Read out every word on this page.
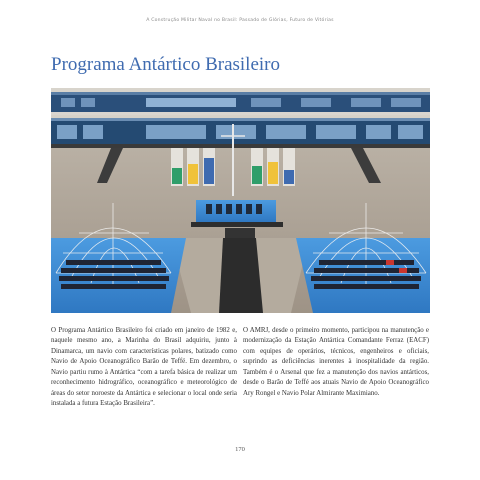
A Construção Militar Naval no Brasil: Passado de Glórias, Futuro de Vitórias
Programa Antártico Brasileiro

O Programa Antártico Brasileiro foi criado em janeiro de 1982 e, naquele mesmo ano, a Marinha do Brasil adquiriu, junto à Dinamarca, um navio com características polares, batizado como Navio de Apoio Oceanográfico Barão de Teffé. Em dezembro, o Navio partiu rumo à Antártica “com a tarefa básica de realizar um reconhecimento hidrográfico, oceanográfico e meteorológico de áreas do setor noroeste da Antártica e selecionar o local onde seria instalada a futura Estação Brasileira”.

O AMRJ, desde o primeiro momento, participou na manutenção e modernização da Estação Antártica Comandante Ferraz (EACF) com equipes de operários, técnicos, engenheiros e oficiais, suprindo as deficiências inerentes à inospitalidade da região. Também é o Arsenal que fez a manutenção dos navios antárticos, desde o Barão de Teffé aos atuais Navio de Apoio Oceanográfico Ary Rongel e Navio Polar Almirante Maximiano.

170
